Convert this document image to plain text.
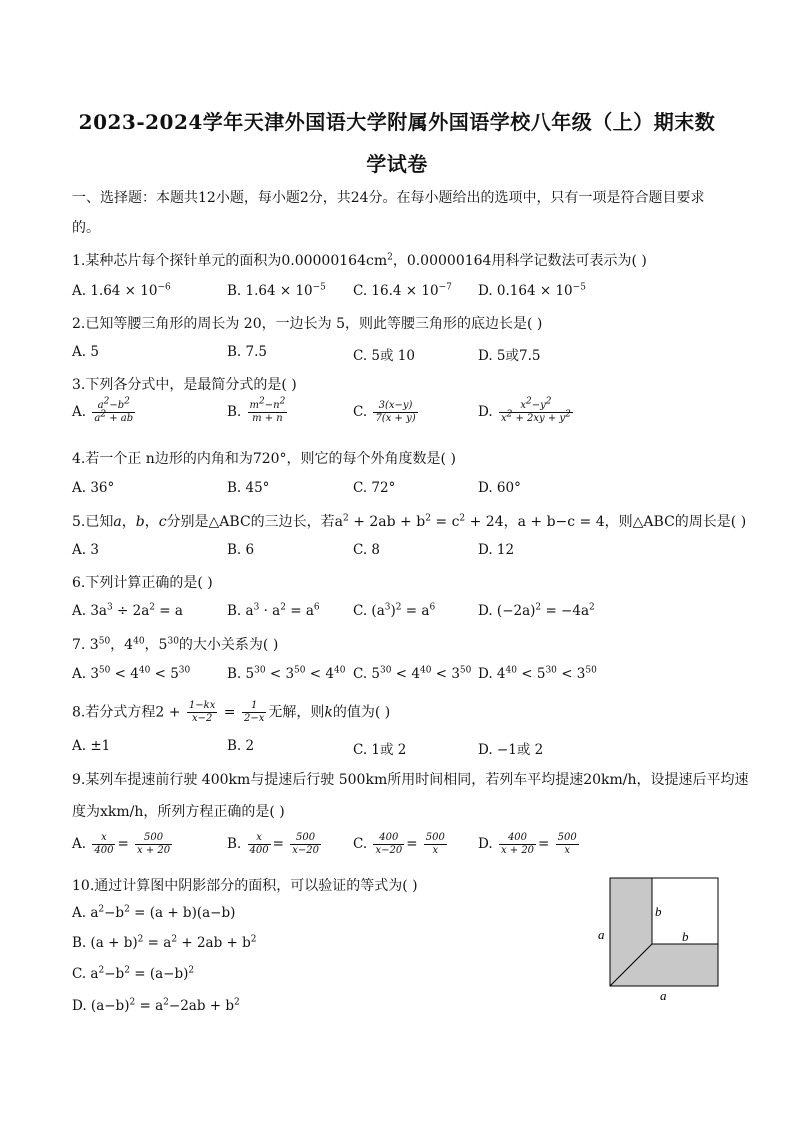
2023-2024学年天津外国语大学附属外国语学校八年级（上）期末数
学试卷
一、选择题：本题共12小题，每小题2分，共24分。在每小题给出的选项中，只有一项是符合题目要求的。
1.某种芯片每个探针单元的面积为$0.00000164cm^2$，0.00000164用科学记数法可表示为( )
A. $1.64 \times 10^{-6}$	B. $1.64 \times 10^{-5}$ C. $16.4 \times 10^{-7}$ D. $0.164 \times 10^{-5}$
2.已知等腰三角形的周长为 20，一边长为 5，则此等腰三角形的底边长是( )
A. 5	B. 7.5	C. 5或 10	D. 5或7.5
3.下列各分式中，是最简分式的是( )
A. $\frac{a^2-b^2}{a^2 + ab}$	B. $\frac{m^2-n^2}{m + n}$	C. $\frac{3(x-y)}{7(x + y)}$	D. $\frac{x^2-y^2}{x^2 + 2xy + y^2}$
4.若一个正 n边形的内角和为720°，则它的每个外角度数是( )
A. 36°	B. 45°	C. 72°	D. 60°
5.已知a，b，c分别是△ABC的三边长，若$a^2 + 2ab + b^2 = c^2 + 24$，a + b−c = 4，则△ABC的周长是( )
A. 3	B. 6	C. 8	D. 12
6.下列计算正确的是( )
A. $3a^3 \div 2a^2 = a$	B. $a^3 \cdot a^2 = a^6$ C. $(a^3)^2 = a^6$	D. $(-2a)^2 = -4a^2$
7. $3^{50}$，$4^{40}$，$5^{30}$的大小关系为( )
A. $3^{50} < 4^{40} < 5^{30}$	B. $5^{30} < 3^{50} < 4^{40}$ C. $5^{30} < 4^{40} < 3^{50}$ D. $4^{40} < 5^{30} < 3^{50}$
8.若分式方程$2 + \frac{1-kx}{x-2} = \frac{1}{2-x}$ 无解，则k的值为( )
A. ±1	B. 2	C. 1或 2	D. −1或 2
9.某列车提速前行驶 400km与提速后行驶 500km所用时间相同，若列车平均提速20km/h，设提速后平均速
度为xkm/h，所列方程正确的是( )
A. $\frac{x}{400} = \frac{500}{x + 20}$	B. $\frac{x}{400} = \frac{500}{x-20} C$. $\frac{400}{x-20} = \frac{500}{x} D$. $\frac{400}{x + 20} = \frac{500}{x}$
10.通过计算图中阴影部分的面积，可以验证的等式为( )
A. $a^2-b^2 = (a + b)(a-b)$
B. $(a + b)^2 = a^2 + 2ab + b^2$
C. $a^2-b^2 = (a-b)^2$
D. $(a-b)^2 = a^2-2ab + b^2$
b
b
a
a
